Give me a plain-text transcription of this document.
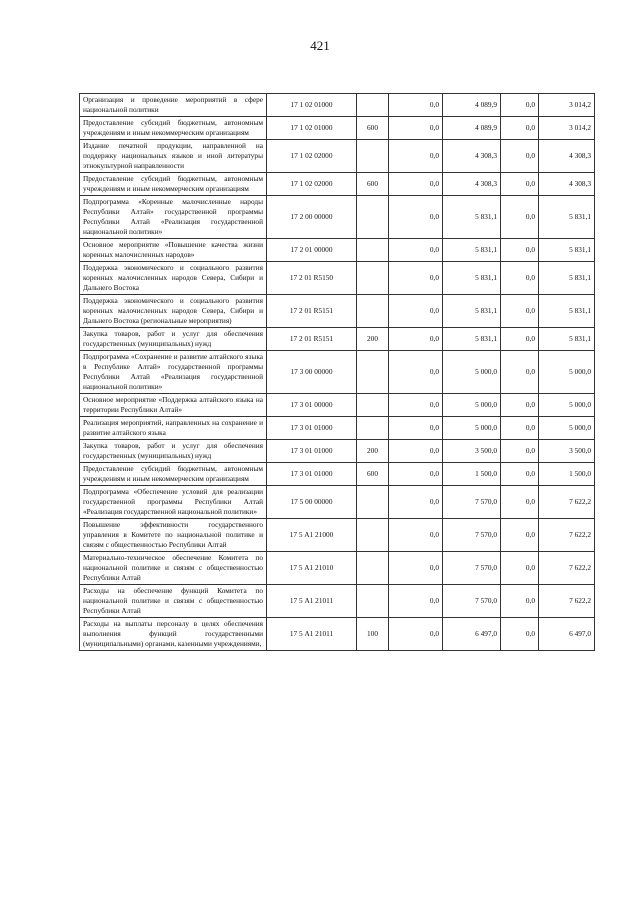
421
Организация и проведение мероприятий в сфере национальной политики	17 1 02 01000		0,0	4 089,9	0,0	3 014,2
Предоставление субсидий бюджетным, автономным учреждениям и иным некоммерческим организациям	17 1 02 01000	600	0,0	4 089,9	0,0	3 014,2
Издание печатной продукции, направленной на поддержку национальных языков и иной литературы этнокультурной направленности	17 1 02 02000		0,0	4 308,3	0,0	4 308,3
Предоставление субсидий бюджетным, автономным учреждениям и иным некоммерческим организациям	17 1 02 02000	600	0,0	4 308,3	0,0	4 308,3
Подпрограмма «Коренные малочисленные народы Республики Алтай» государственной программы Республики Алтай «Реализация государственной национальной политики»	17 2 00 00000		0,0	5 831,1	0,0	5 831,1
Основное мероприятие «Повышение качества жизни коренных малочисленных народов»	17 2 01 00000		0,0	5 831,1	0,0	5 831,1
Поддержка экономического и социального развития коренных малочисленных народов Севера, Сибири и Дальнего Востока	17 2 01 R5150		0,0	5 831,1	0,0	5 831,1
Поддержка экономического и социального развития коренных малочисленных народов Севера, Сибири и Дальнего Востока (региональные мероприятия)	17 2 01 R5151		0,0	5 831,1	0,0	5 831,1
Закупка товаров, работ и услуг для обеспечения государственных (муниципальных) нужд	17 2 01 R5151	200	0,0	5 831,1	0,0	5 831,1
Подпрограмма «Сохранение и развитие алтайского языка в Республике Алтай» государственной программы Республики Алтай «Реализация государственной национальной политики»	17 3 00 00000		0,0	5 000,0	0,0	5 000,0
Основное мероприятие «Поддержка алтайского языка на территории Республики Алтай»	17 3 01 00000		0,0	5 000,0	0,0	5 000,0
Реализация мероприятий, направленных на сохранение и развитие алтайского языка	17 3 01 01000		0,0	5 000,0	0,0	5 000,0
Закупка товаров, работ и услуг для обеспечения государственных (муниципальных) нужд	17 3 01 01000	200	0,0	3 500,0	0,0	3 500,0
Предоставление субсидий бюджетным, автономным учреждениям и иным некоммерческим организациям	17 3 01 01000	600	0,0	1 500,0	0,0	1 500,0
Подпрограмма «Обеспечение условий для реализации государственной программы Республики Алтай «Реализация государственной национальной политики»	17 5 00 00000		0,0	7 570,0	0,0	7 622,2
Повышение эффективности государственного управления в Комитете по национальной политике и связям с общественностью Республики Алтай	17 5 А1 21000		0,0	7 570,0	0,0	7 622,2
Материально-техническое обеспечение Комитета по национальной политике и связям с общественностью Республики Алтай	17 5 А1 21010		0,0	7 570,0	0,0	7 622,2
Расходы на обеспечение функций Комитета по национальной политике и связям с общественностью Республики Алтай	17 5 А1 21011		0,0	7 570,0	0,0	7 622,2
Расходы на выплаты персоналу в целях обеспечения выполнения функций государственными (муниципальными) органами, казенными учреждениями,	17 5 А1 21011	100	0,0	6 497,0	0,0	6 497,0
